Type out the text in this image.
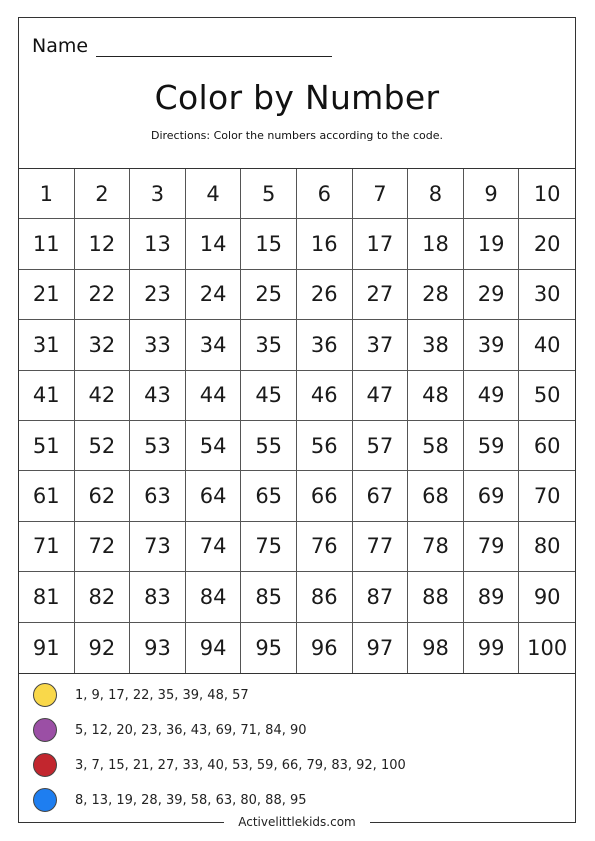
Name
Color by Number
Directions: Color the numbers according to the code.
1	2	3	4	5	6	7	8	9	10
11	12	13	14	15	16	17	18	19	20
21	22	23	24	25	26	27	28	29	30
31	32	33	34	35	36	37	38	39	40
41	42	43	44	45	46	47	48	49	50
51	52	53	54	55	56	57	58	59	60
61	62	63	64	65	66	67	68	69	70
71	72	73	74	75	76	77	78	79	80
81	82	83	84	85	86	87	88	89	90
91	92	93	94	95	96	97	98	99	100
1, 9, 17, 22, 35, 39, 48, 57
5, 12, 20, 23, 36, 43, 69, 71, 84, 90
3, 7, 15, 21, 27, 33, 40, 53, 59, 66, 79, 83, 92, 100
8, 13, 19, 28, 39, 58, 63, 80, 88, 95
Activelittlekids.com
